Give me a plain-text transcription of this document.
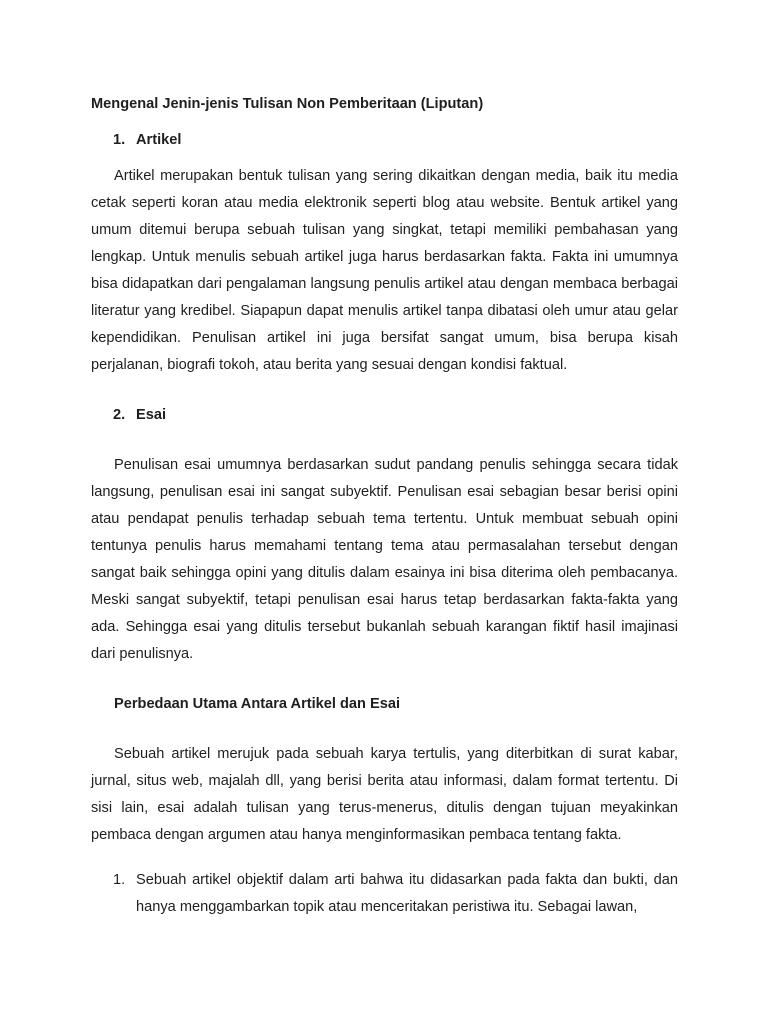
Mengenal Jenin-jenis Tulisan Non Pemberitaan (Liputan)

1. Artikel

Artikel merupakan bentuk tulisan yang sering dikaitkan dengan media, baik itu media cetak seperti koran atau media elektronik seperti blog atau website. Bentuk artikel yang umum ditemui berupa sebuah tulisan yang singkat, tetapi memiliki pembahasan yang lengkap. Untuk menulis sebuah artikel juga harus berdasarkan fakta. Fakta ini umumnya bisa didapatkan dari pengalaman langsung penulis artikel atau dengan membaca berbagai literatur yang kredibel. Siapapun dapat menulis artikel tanpa dibatasi oleh umur atau gelar kependidikan. Penulisan artikel ini juga bersifat sangat umum, bisa berupa kisah perjalanan, biografi tokoh, atau berita yang sesuai dengan kondisi faktual.

2. Esai

Penulisan esai umumnya berdasarkan sudut pandang penulis sehingga secara tidak langsung, penulisan esai ini sangat subyektif. Penulisan esai sebagian besar berisi opini atau pendapat penulis terhadap sebuah tema tertentu. Untuk membuat sebuah opini tentunya penulis harus memahami tentang tema atau permasalahan tersebut dengan sangat baik sehingga opini yang ditulis dalam esainya ini bisa diterima oleh pembacanya. Meski sangat subyektif, tetapi penulisan esai harus tetap berdasarkan fakta-fakta yang ada. Sehingga esai yang ditulis tersebut bukanlah sebuah karangan fiktif hasil imajinasi dari penulisnya.

Perbedaan Utama Antara Artikel dan Esai

Sebuah artikel merujuk pada sebuah karya tertulis, yang diterbitkan di surat kabar, jurnal, situs web, majalah dll, yang berisi berita atau informasi, dalam format tertentu. Di sisi lain, esai adalah tulisan yang terus-menerus, ditulis dengan tujuan meyakinkan pembaca dengan argumen atau hanya menginformasikan pembaca tentang fakta.

1. Sebuah artikel objektif dalam arti bahwa itu didasarkan pada fakta dan bukti, dan hanya menggambarkan topik atau menceritakan peristiwa itu. Sebagai lawan,
